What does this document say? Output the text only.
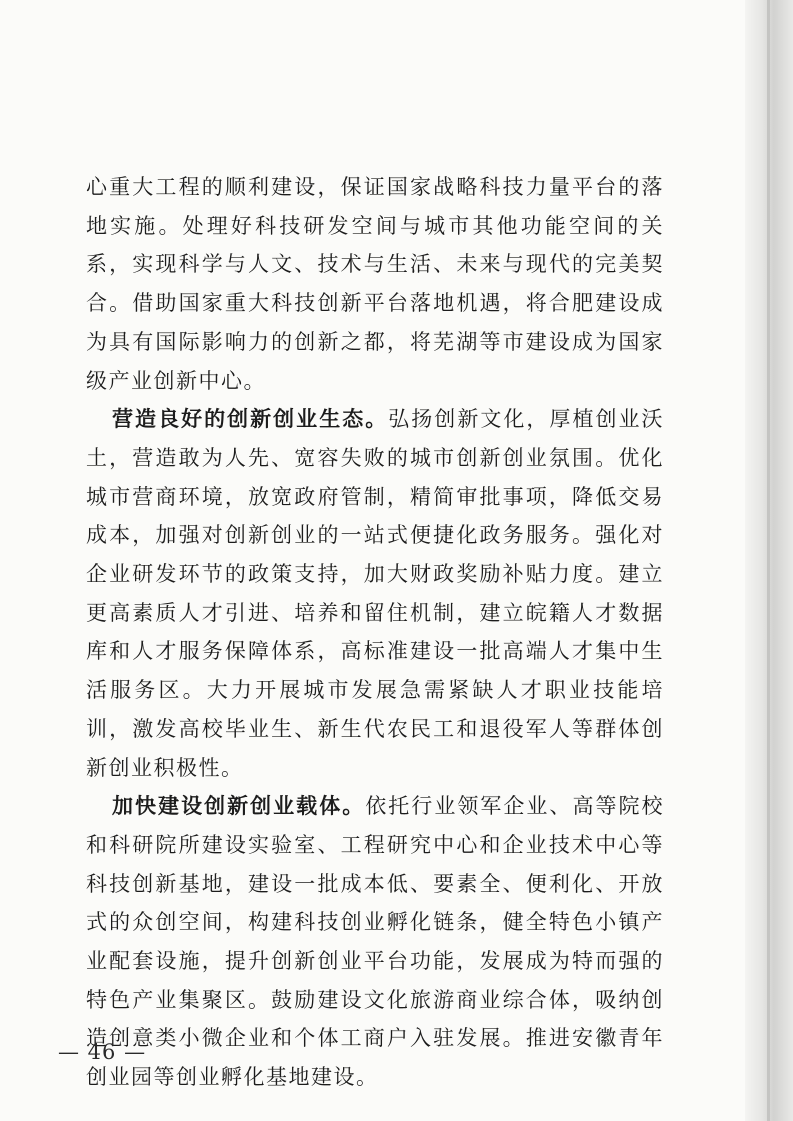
心重大工程的顺利建设，保证国家战略科技力量平台的落地实施。处理好科技研发空间与城市其他功能空间的关系，实现科学与人文、技术与生活、未来与现代的完美契合。借助国家重大科技创新平台落地机遇，将合肥建设成为具有国际影响力的创新之都，将芜湖等市建设成为国家级产业创新中心。

营造良好的创新创业生态。弘扬创新文化，厚植创业沃土，营造敢为人先、宽容失败的城市创新创业氛围。优化城市营商环境，放宽政府管制，精简审批事项，降低交易成本，加强对创新创业的一站式便捷化政务服务。强化对企业研发环节的政策支持，加大财政奖励补贴力度。建立更高素质人才引进、培养和留住机制，建立皖籍人才数据库和人才服务保障体系，高标准建设一批高端人才集中生活服务区。大力开展城市发展急需紧缺人才职业技能培训，激发高校毕业生、新生代农民工和退役军人等群体创新创业积极性。

加快建设创新创业载体。依托行业领军企业、高等院校和科研院所建设实验室、工程研究中心和企业技术中心等科技创新基地，建设一批成本低、要素全、便利化、开放式的众创空间，构建科技创业孵化链条，健全特色小镇产业配套设施，提升创新创业平台功能，发展成为特而强的特色产业集聚区。鼓励建设文化旅游商业综合体，吸纳创造创意类小微企业和个体工商户入驻发展。推进安徽青年创业园等创业孵化基地建设。

— 46 —
